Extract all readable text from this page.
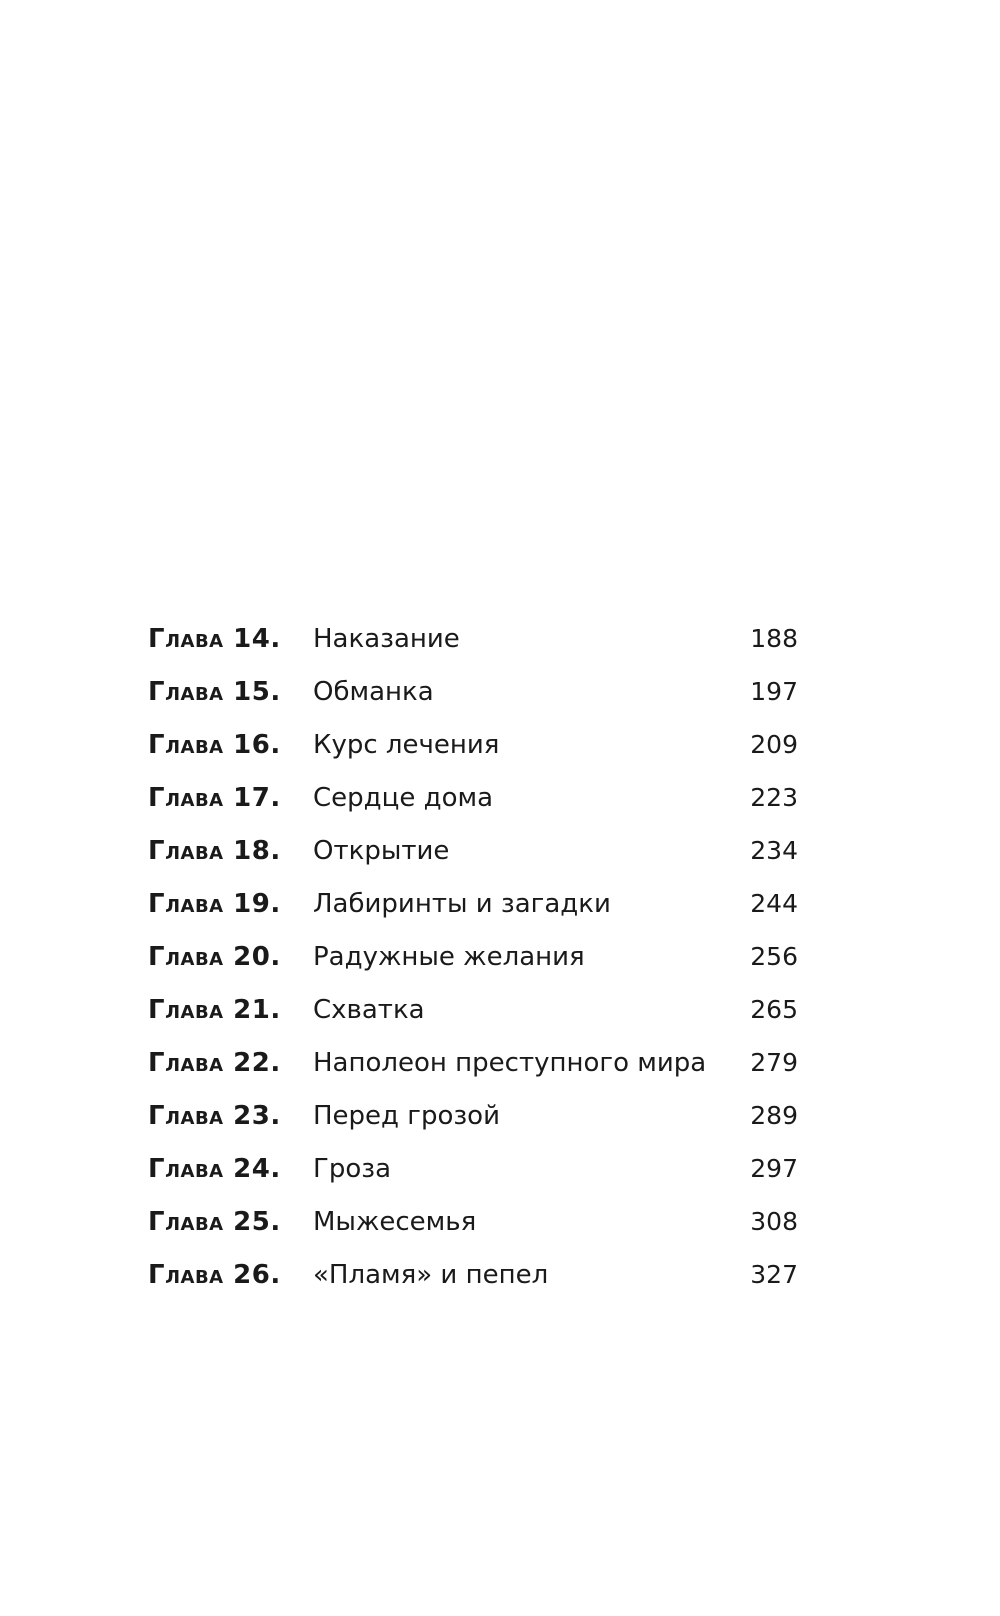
Глава 14. Наказание	188
Глава 15. Обманка	197
Глава 16. Курс лечения	209
Глава 17. Сердце дома	223
Глава 18. Открытие	234
Глава 19. Лабиринты и загадки	244
Глава 20. Радужные желания	256
Глава 21. Схватка	265
Глава 22. Наполеон преступного мира 279
Глава 23. Перед грозой	289
Глава 24. Гроза	297
Глава 25. Мыжесемья	308
Глава 26. «Пламя» и пепел	327
